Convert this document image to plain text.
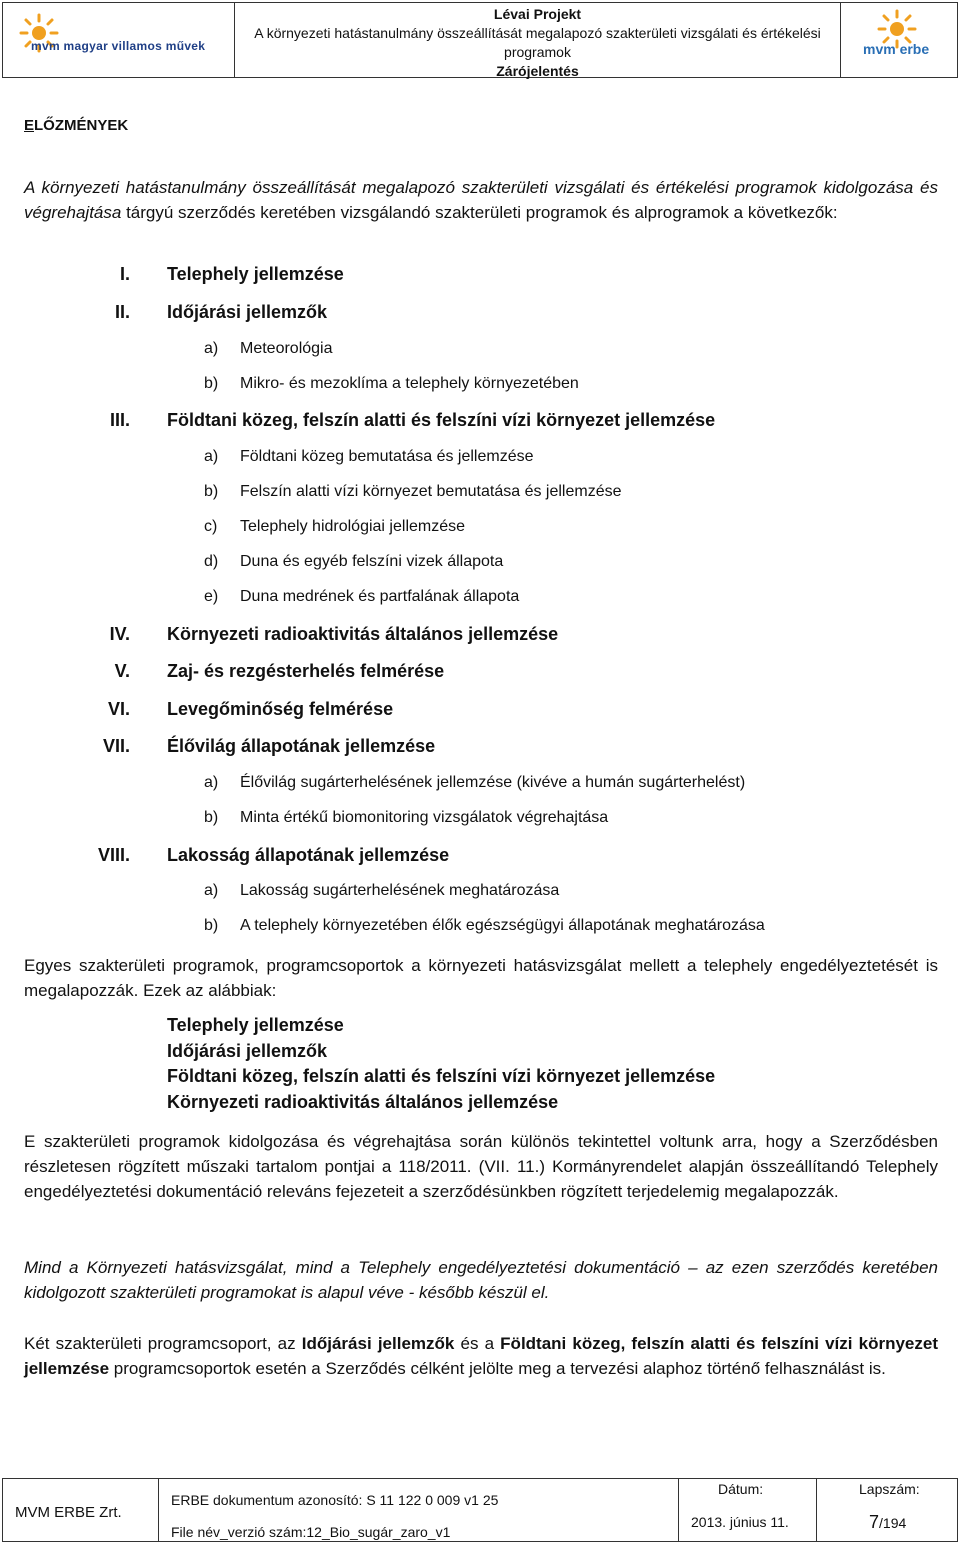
mvm magyar villamos művek
Lévai Projekt
A környezeti hatástanulmány összeállítását megalapozó szakterületi vizsgálati és értékelési
programok
Zárójelentés
mvm erbe
ELŐZMÉNYEK
A környezeti hatástanulmány összeállítását megalapozó szakterületi vizsgálati és értékelési programok kidolgozása és végrehajtása tárgyú szerződés keretében vizsgálandó szakterületi programok és alprogramok a következők:
I. Telephely jellemzése
II. Időjárási jellemzők
a) Meteorológia
b) Mikro- és mezoklíma a telephely környezetében
III. Földtani közeg, felszín alatti és felszíni vízi környezet jellemzése
a) Földtani közeg bemutatása és jellemzése
b) Felszín alatti vízi környezet bemutatása és jellemzése
c) Telephely hidrológiai jellemzése
d) Duna és egyéb felszíni vizek állapota
e) Duna medrének és partfalának állapota
IV. Környezeti radioaktivitás általános jellemzése
V. Zaj- és rezgésterhelés felmérése
VI. Levegőminőség felmérése
VII. Élővilág állapotának jellemzése
a) Élővilág sugárterhelésének jellemzése (kivéve a humán sugárterhelést)
b) Minta értékű biomonitoring vizsgálatok végrehajtása
VIII. Lakosság állapotának jellemzése
a) Lakosság sugárterhelésének meghatározása
b) A telephely környezetében élők egészségügyi állapotának meghatározása
Egyes szakterületi programok, programcsoportok a környezeti hatásvizsgálat mellett a telephely engedélyeztetését is megalapozzák. Ezek az alábbiak:
Telephely jellemzése
Időjárási jellemzők
Földtani közeg, felszín alatti és felszíni vízi környezet jellemzése
Környezeti radioaktivitás általános jellemzése
E szakterületi programok kidolgozása és végrehajtása során különös tekintettel voltunk arra, hogy a Szerződésben részletesen rögzített műszaki tartalom pontjai a 118/2011. (VII. 11.) Kormányrendelet alapján összeállítandó Telephely engedélyeztetési dokumentáció releváns fejezeteit a szerződésünkben rögzített terjedelemig megalapozzák.
Mind a Környezeti hatásvizsgálat, mind a Telephely engedélyeztetési dokumentáció – az ezen szerződés keretében kidolgozott szakterületi programokat is alapul véve - később készül el.
Két szakterületi programcsoport, az Időjárási jellemzők és a Földtani közeg, felszín alatti és felszíni vízi környezet jellemzése programcsoportok esetén a Szerződés célként jelölte meg a tervezési alaphoz történő felhasználást is.
MVM ERBE Zrt.
ERBE dokumentum azonosító: S 11 122 0 009 v1 25
File név_verzió szám:12_Bio_sugár_zaro_v1
Dátum:
2013. június 11.
Lapszám:
7/194
